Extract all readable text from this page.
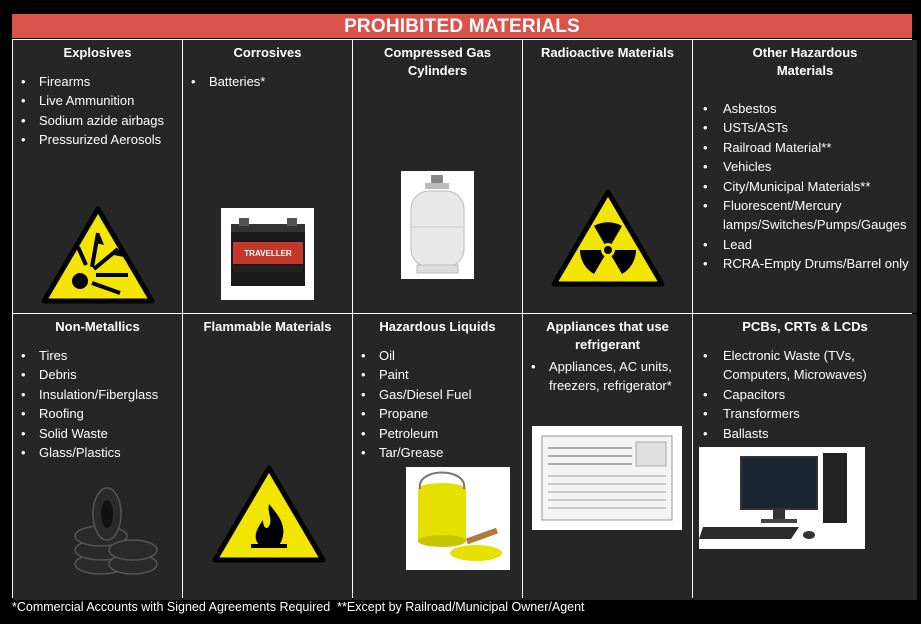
PROHIBITED MATERIALS
Explosives
• Firearms
• Live Ammunition
• Sodium azide airbags
• Pressurized Aerosols
Corrosives
• Batteries*
TRAVELLER
Compressed Gas Cylinders
Radioactive Materials	Other Hazardous Materials
• Asbestos
• USTs/ASTs
• Railroad Material**
• Vehicles
• City/Municipal Materials**
• Fluorescent/Mercury lamps/Switches/Pumps/Gauges
• Lead
• RCRA-Empty Drums/Barrel only
Non-Metallics
• Tires
• Debris
• Insulation/Fiberglass
• Roofing
• Solid Waste
• Glass/Plastics
Flammable Materials	Hazardous Liquids
• Oil
• Paint
• Gas/Diesel Fuel
• Propane
• Petroleum
• Tar/Grease
Appliances that use refrigerant
• Appliances, AC units, freezers, refrigerator*
PCBs, CRTs & LCDs
• Electronic Waste (TVs, Computers, Microwaves)
• Capacitors
• Transformers
• Ballasts
*Commercial Accounts with Signed Agreements Required **Except by Railroad/Municipal Owner/Agent
